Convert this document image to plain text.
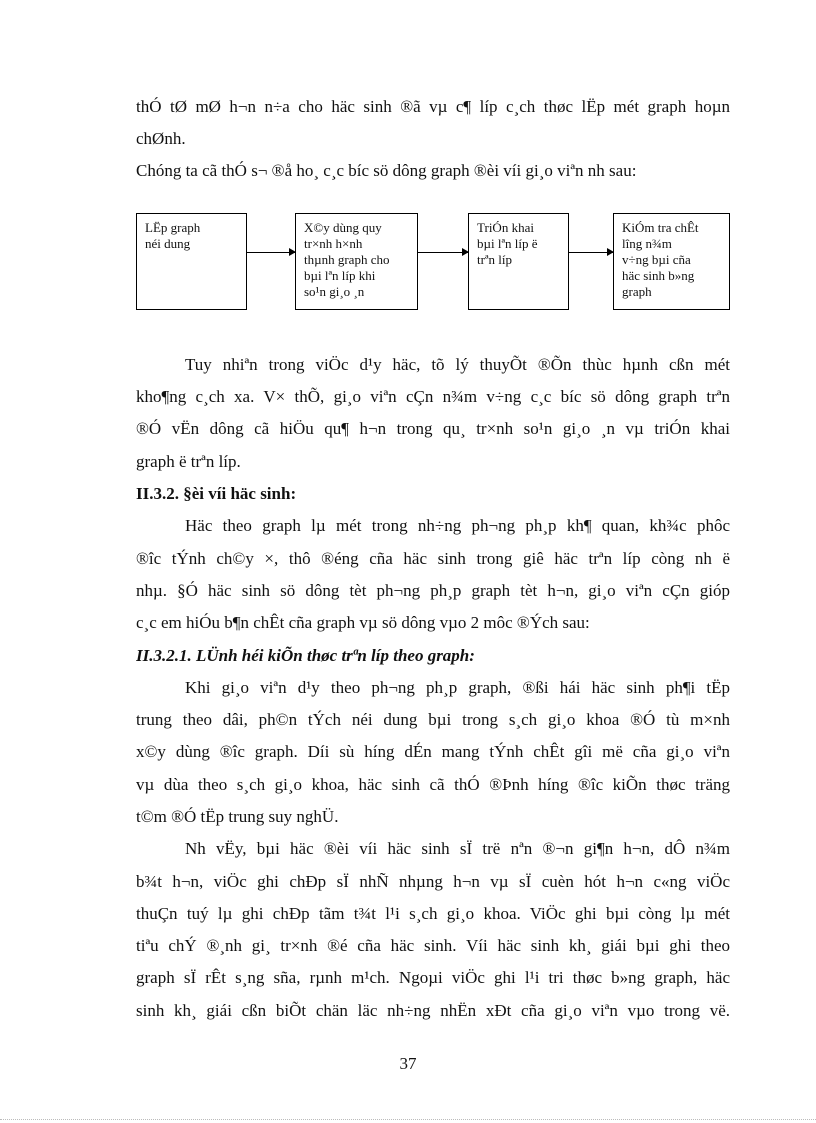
thÓ tØ mØ h¬n n÷a cho häc sinh ®ã vµ c¶ líp c¸ch thøc lËp mét graph hoµn
chØnh.
Chóng ta cã thÓ s¬ ®å ho¸ c¸c bíc sö dông graph ®èi víi gi¸o viªn nh sau:
LËp graph
néi dung
X©y dùng quy
tr×nh h×nh
thµnh graph cho
bµi lªn líp khi
so¹n gi¸o ¸n
TriÓn khai
bµi lªn líp ë
trªn líp
KiÓm tra chÊt
lîng n¾m
v÷ng bµi cña
häc sinh b»ng
graph
Tuy nhiªn trong viÖc d¹y häc, tõ lý thuyÕt ®Õn thùc hµnh cßn mét
kho¶ng c¸ch xa. V× thÕ, gi¸o viªn cÇn n¾m v÷ng c¸c bíc sö dông graph trªn
®Ó vËn dông cã hiÖu qu¶ h¬n trong qu¸ tr×nh so¹n gi¸o ¸n vµ triÓn khai
graph ë trªn líp.
II.3.2. §èi víi häc sinh:
Häc theo graph lµ mét trong nh÷ng ph¬ng ph¸p kh¶ quan, kh¾c phôc
®îc tÝnh ch©y ×, thô ®éng cña häc sinh trong giê häc trªn líp còng nh ë
nhµ. §Ó häc sinh sö dông tèt ph¬ng ph¸p graph tèt h¬n, gi¸o viªn cÇn gióp
c¸c em hiÓu b¶n chÊt cña graph vµ sö dông vµo 2 môc ®Ých sau:
II.3.2.1. LÜnh héi kiÕn thøc trªn líp theo graph:
Khi gi¸o viªn d¹y theo ph¬ng ph¸p graph, ®ßi hái häc sinh ph¶i tËp
trung theo dâi, ph©n tÝch néi dung bµi trong s¸ch gi¸o khoa ®Ó tù m×nh
x©y dùng ®îc graph. Díi sù híng dÉn mang tÝnh chÊt gîi më cña gi¸o viªn
vµ dùa theo s¸ch gi¸o khoa, häc sinh cã thÓ ®Þnh híng ®îc kiÕn thøc träng
t©m ®Ó tËp trung suy nghÜ.
Nh vËy, bµi häc ®èi víi häc sinh sÏ trë nªn ®¬n gi¶n h¬n, dÔ n¾m
b¾t h¬n, viÖc ghi chÐp sÏ nhÑ nhµng h¬n vµ sÏ cuèn hót h¬n c«ng viÖc
thuÇn tuý lµ ghi chÐp tãm t¾t l¹i s¸ch gi¸o khoa. ViÖc ghi bµi còng lµ mét
tiªu chÝ ®¸nh gi¸ tr×nh ®é cña häc sinh. Víi häc sinh kh¸ giái bµi ghi theo
graph sÏ rÊt s¸ng sña, rµnh m¹ch. Ngoµi viÖc ghi l¹i tri thøc b»ng graph, häc
sinh kh¸ giái cßn biÕt chän läc nh÷ng nhËn xÐt cña gi¸o viªn vµo trong vë.
37
